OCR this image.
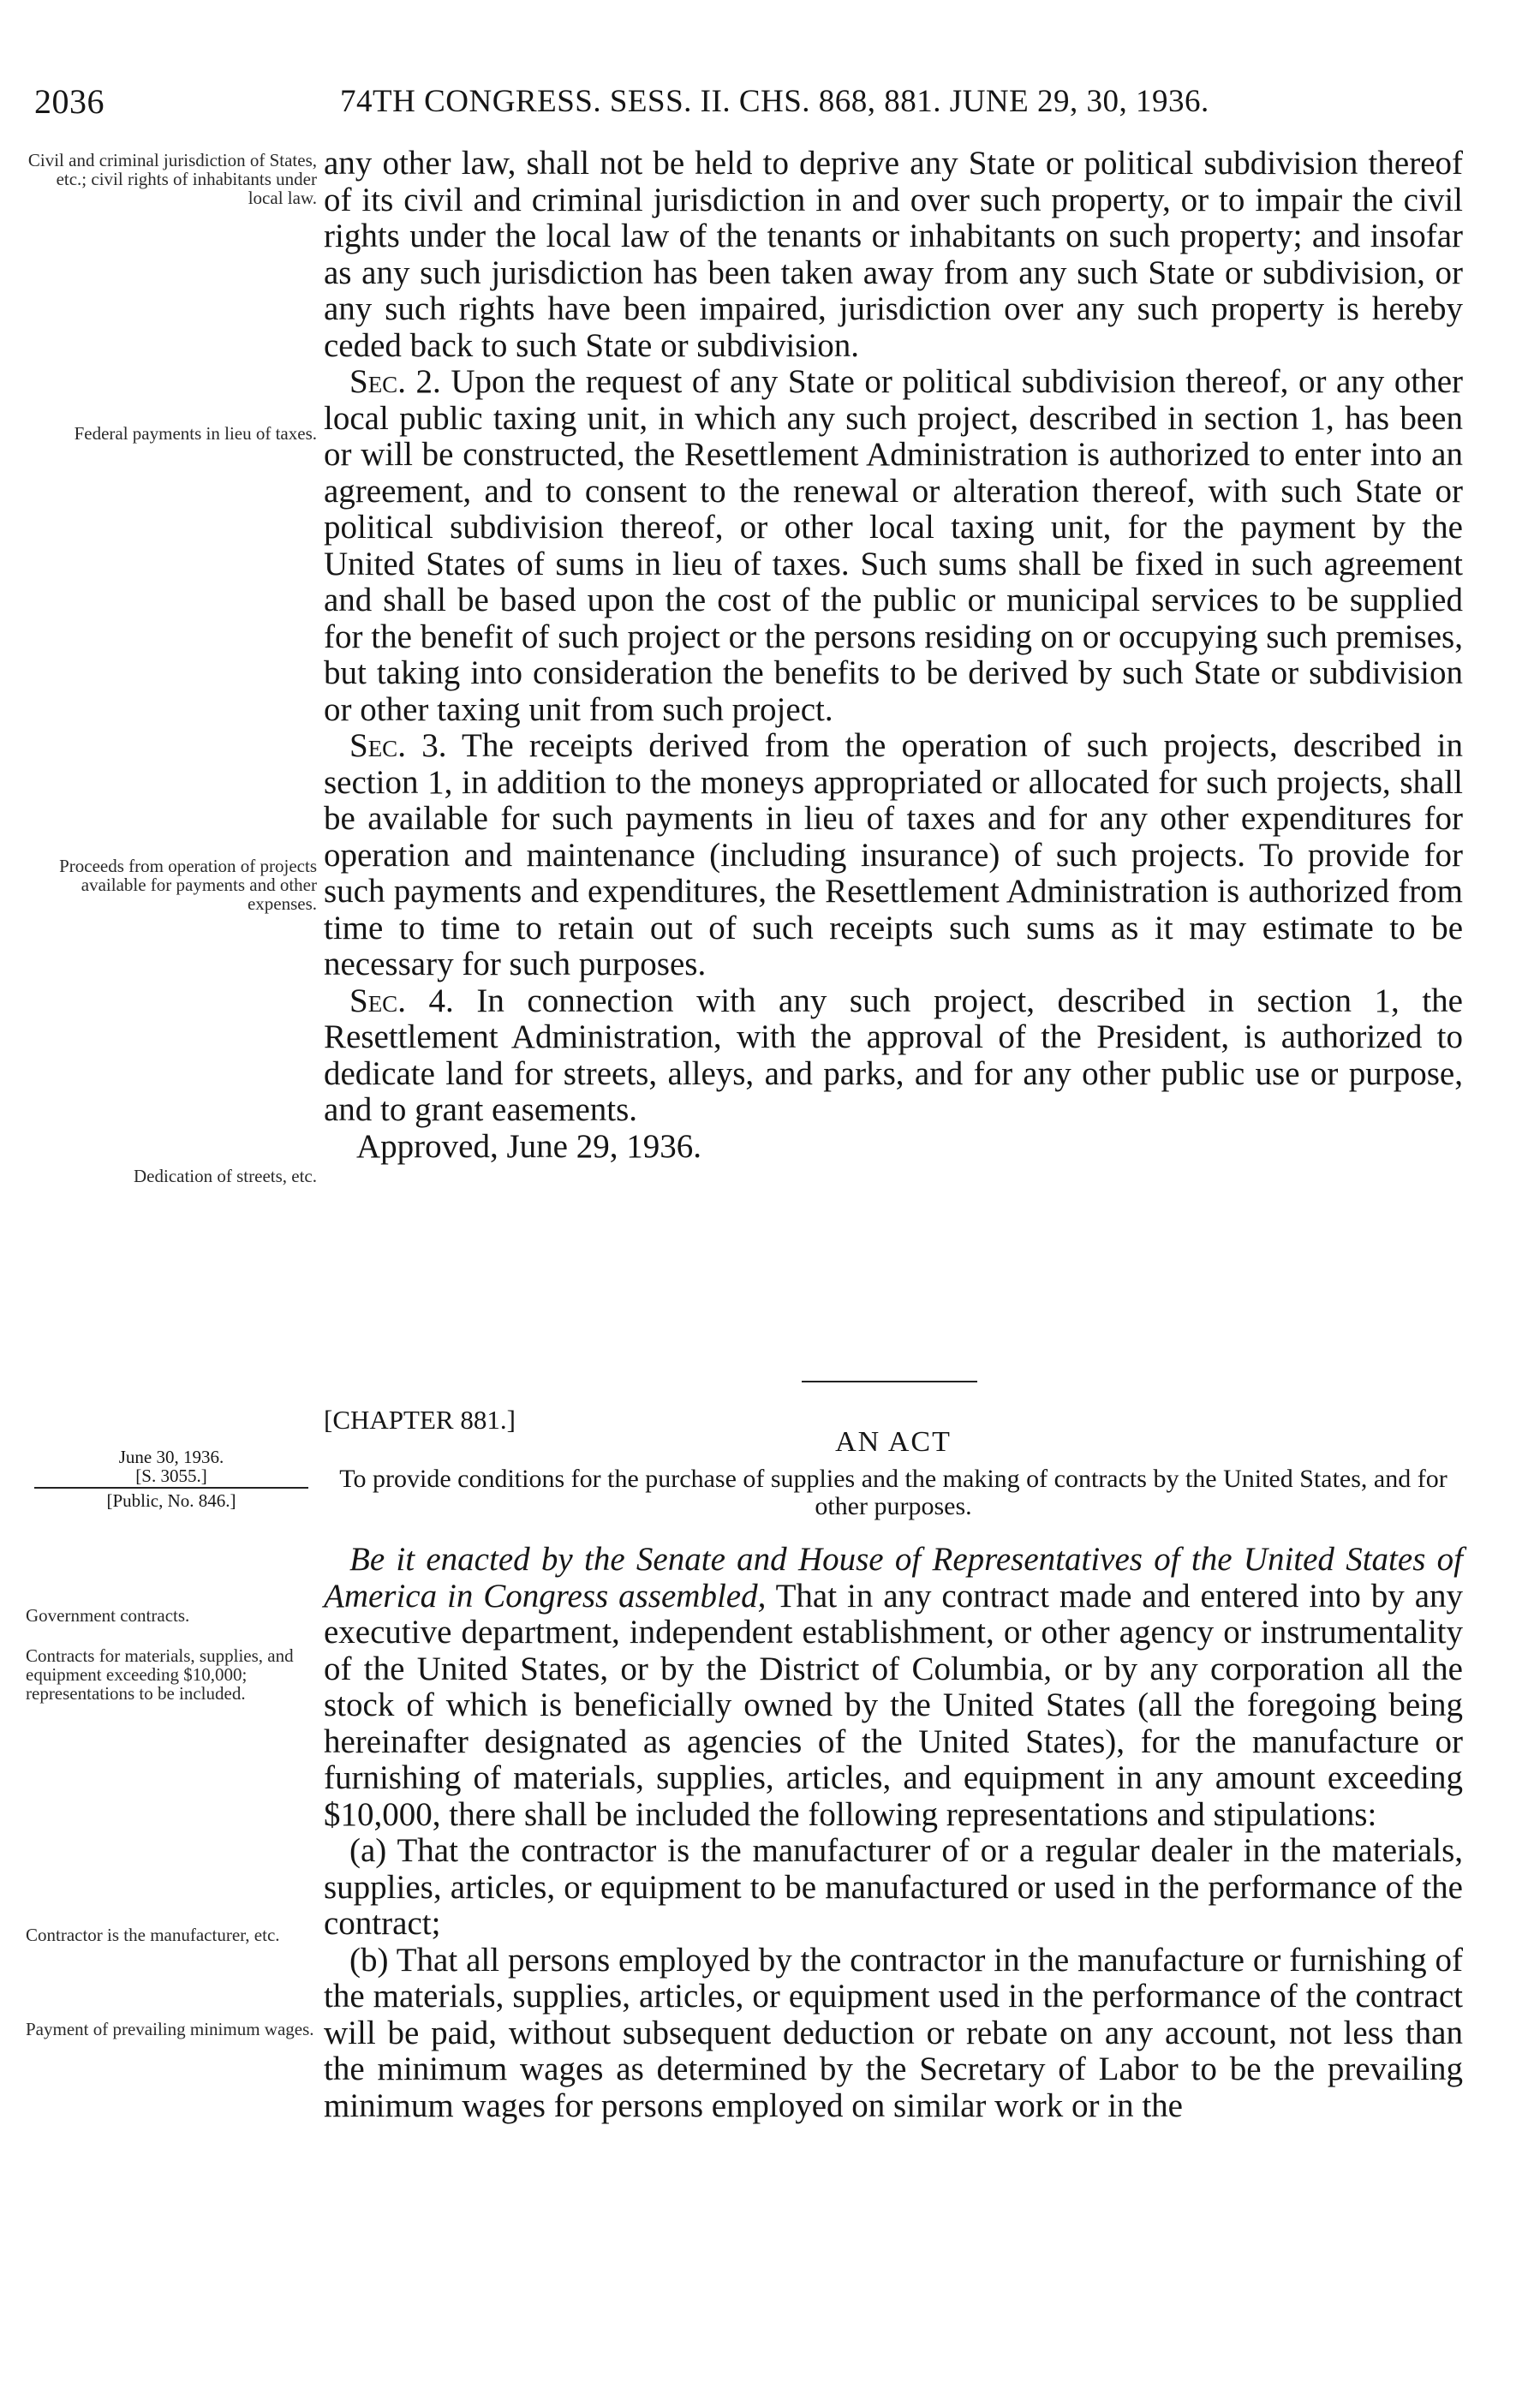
2036	74TH CONGRESS. SESS. II. CHS. 868, 881. JUNE 29, 30, 1936.
Civil and criminal jurisdiction of States, etc.; civil rights of inhabitants under local law.
Federal payments in lieu of taxes.
Proceeds from operation of projects available for payments and other expenses.
Dedication of streets, etc.
June 30, 1936.
[S. 3055.]
[Public, No. 846.]
Government contracts.
Contracts for materials, supplies, and equipment exceeding $10,000; representations to be included.
Contractor is the manufacturer, etc.
Payment of prevailing minimum wages.

any other law, shall not be held to deprive any State or political subdivision thereof of its civil and criminal jurisdiction in and over such property, or to impair the civil rights under the local law of the tenants or inhabitants on such property; and insofar as any such jurisdiction has been taken away from any such State or subdivision, or any such rights have been impaired, jurisdiction over any such property is hereby ceded back to such State or subdivision.

Sec. 2. Upon the request of any State or political subdivision thereof, or any other local public taxing unit, in which any such project, described in section 1, has been or will be constructed, the Resettlement Administration is authorized to enter into an agreement, and to consent to the renewal or alteration thereof, with such State or political subdivision thereof, or other local taxing unit, for the payment by the United States of sums in lieu of taxes. Such sums shall be fixed in such agreement and shall be based upon the cost of the public or municipal services to be supplied for the benefit of such project or the persons residing on or occupying such premises, but taking into consideration the benefits to be derived by such State or subdivision or other taxing unit from such project.

Sec. 3. The receipts derived from the operation of such projects, described in section 1, in addition to the moneys appropriated or allocated for such projects, shall be available for such payments in lieu of taxes and for any other expenditures for operation and maintenance (including insurance) of such projects. To provide for such payments and expenditures, the Resettlement Administration is authorized from time to time to retain out of such receipts such sums as it may estimate to be necessary for such purposes.

Sec. 4. In connection with any such project, described in section 1, the Resettlement Administration, with the approval of the President, is authorized to dedicate land for streets, alleys, and parks, and for any other public use or purpose, and to grant easements.

Approved, June 29, 1936.

[CHAPTER 881.]
AN ACT
To provide conditions for the purchase of supplies and the making of contracts by the United States, and for other purposes.

Be it enacted by the Senate and House of Representatives of the United States of America in Congress assembled, That in any contract made and entered into by any executive department, independent establishment, or other agency or instrumentality of the United States, or by the District of Columbia, or by any corporation all the stock of which is beneficially owned by the United States (all the foregoing being hereinafter designated as agencies of the United States), for the manufacture or furnishing of materials, supplies, articles, and equipment in any amount exceeding $10,000, there shall be included the following representations and stipulations:

(a) That the contractor is the manufacturer of or a regular dealer in the materials, supplies, articles, or equipment to be manufactured or used in the performance of the contract;

(b) That all persons employed by the contractor in the manufacture or furnishing of the materials, supplies, articles, or equipment used in the performance of the contract will be paid, without subsequent deduction or rebate on any account, not less than the minimum wages as determined by the Secretary of Labor to be the prevailing minimum wages for persons employed on similar work or in the
